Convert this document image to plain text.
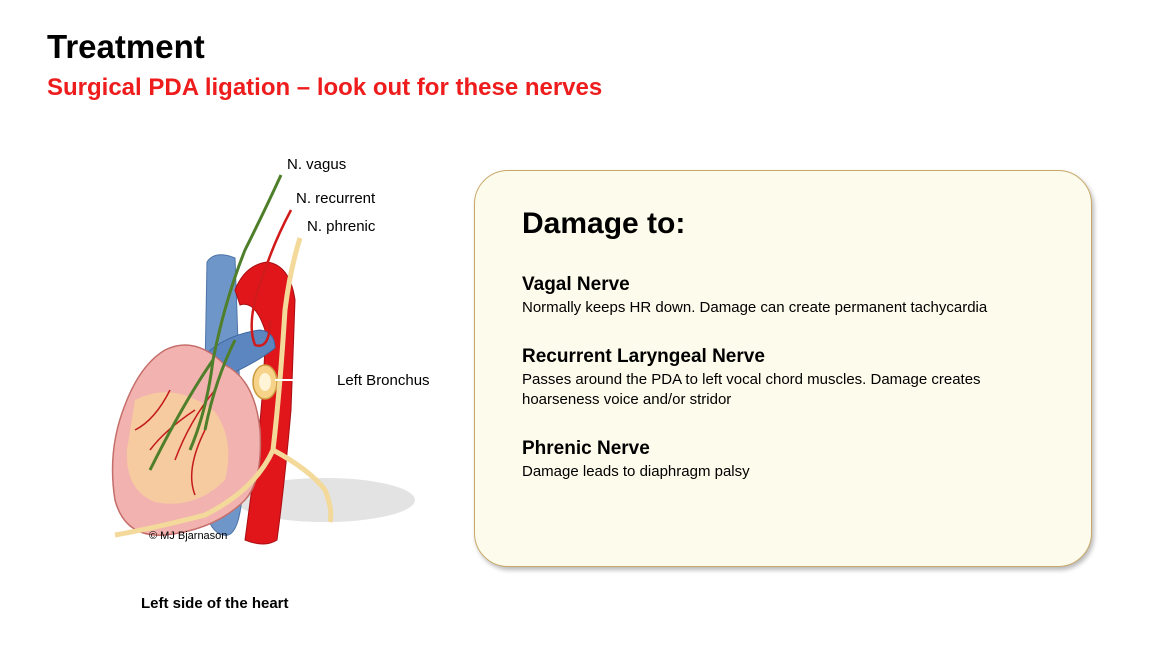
Treatment
Surgical PDA ligation – look out for these nerves
N. vagus
N. recurrent
N. phrenic
Left Bronchus
© MJ Bjarnason
Left side of the heart
Damage to:
Vagal Nerve
Normally keeps HR down. Damage can create permanent tachycardia
Recurrent Laryngeal Nerve
Passes around the PDA to left vocal chord muscles. Damage creates hoarseness voice and/or stridor
Phrenic Nerve
Damage leads to diaphragm palsy
